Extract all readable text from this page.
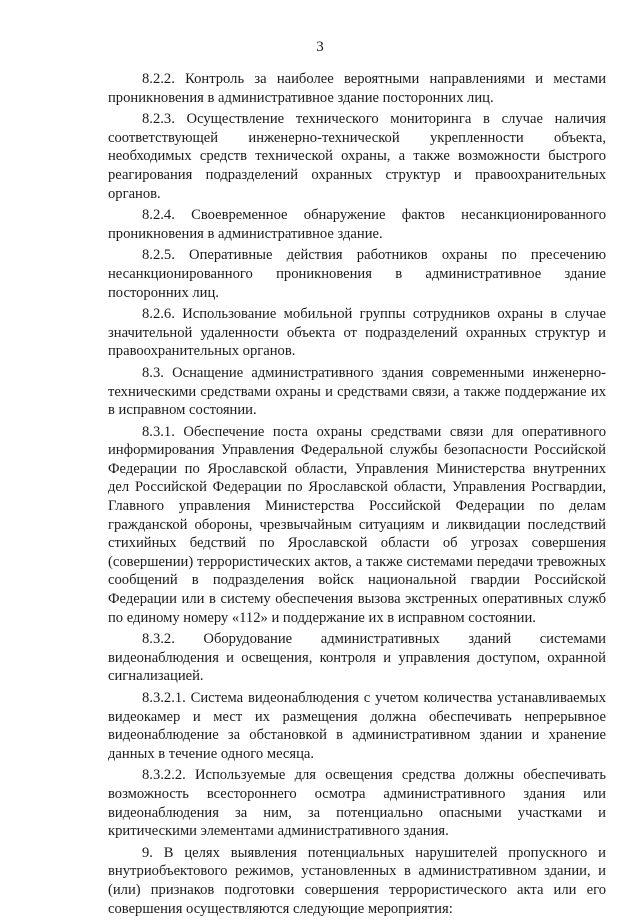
3

8.2.2. Контроль за наиболее вероятными направлениями и местами проникновения в административное здание посторонних лиц.

8.2.3. Осуществление технического мониторинга в случае наличия соответствующей инженерно-технической укрепленности объекта, необходимых средств технической охраны, а также возможности быстрого реагирования подразделений охранных структур и правоохранительных органов.

8.2.4. Своевременное обнаружение фактов несанкционированного проникновения в административное здание.

8.2.5. Оперативные действия работников охраны по пресечению несанкционированного проникновения в административное здание посторонних лиц.

8.2.6. Использование мобильной группы сотрудников охраны в случае значительной удаленности объекта от подразделений охранных структур и правоохранительных органов.

8.3. Оснащение административного здания современными инженерно-техническими средствами охраны и средствами связи, а также поддержание их в исправном состоянии.

8.3.1. Обеспечение поста охраны средствами связи для оперативного информирования Управления Федеральной службы безопасности Российской Федерации по Ярославской области, Управления Министерства внутренних дел Российской Федерации по Ярославской области, Управления Росгвардии, Главного управления Министерства Российской Федерации по делам гражданской обороны, чрезвычайным ситуациям и ликвидации последствий стихийных бедствий по Ярославской области об угрозах совершения (совершении) террористических актов, а также системами передачи тревожных сообщений в подразделения войск национальной гвардии Российской Федерации или в систему обеспечения вызова экстренных оперативных служб по единому номеру «112» и поддержание их в исправном состоянии.

8.3.2. Оборудование административных зданий системами видеонаблюдения и освещения, контроля и управления доступом, охранной сигнализацией.

8.3.2.1. Система видеонаблюдения с учетом количества устанавливаемых видеокамер и мест их размещения должна обеспечивать непрерывное видеонаблюдение за обстановкой в административном здании и хранение данных в течение одного месяца.

8.3.2.2. Используемые для освещения средства должны обеспечивать возможность всестороннего осмотра административного здания или видеонаблюдения за ним, за потенциально опасными участками и критическими элементами административного здания.

9. В целях выявления потенциальных нарушителей пропускного и внутриобъектового режимов, установленных в административном здании, и (или) признаков подготовки совершения террористического акта или его совершения осуществляются следующие мероприятия:
